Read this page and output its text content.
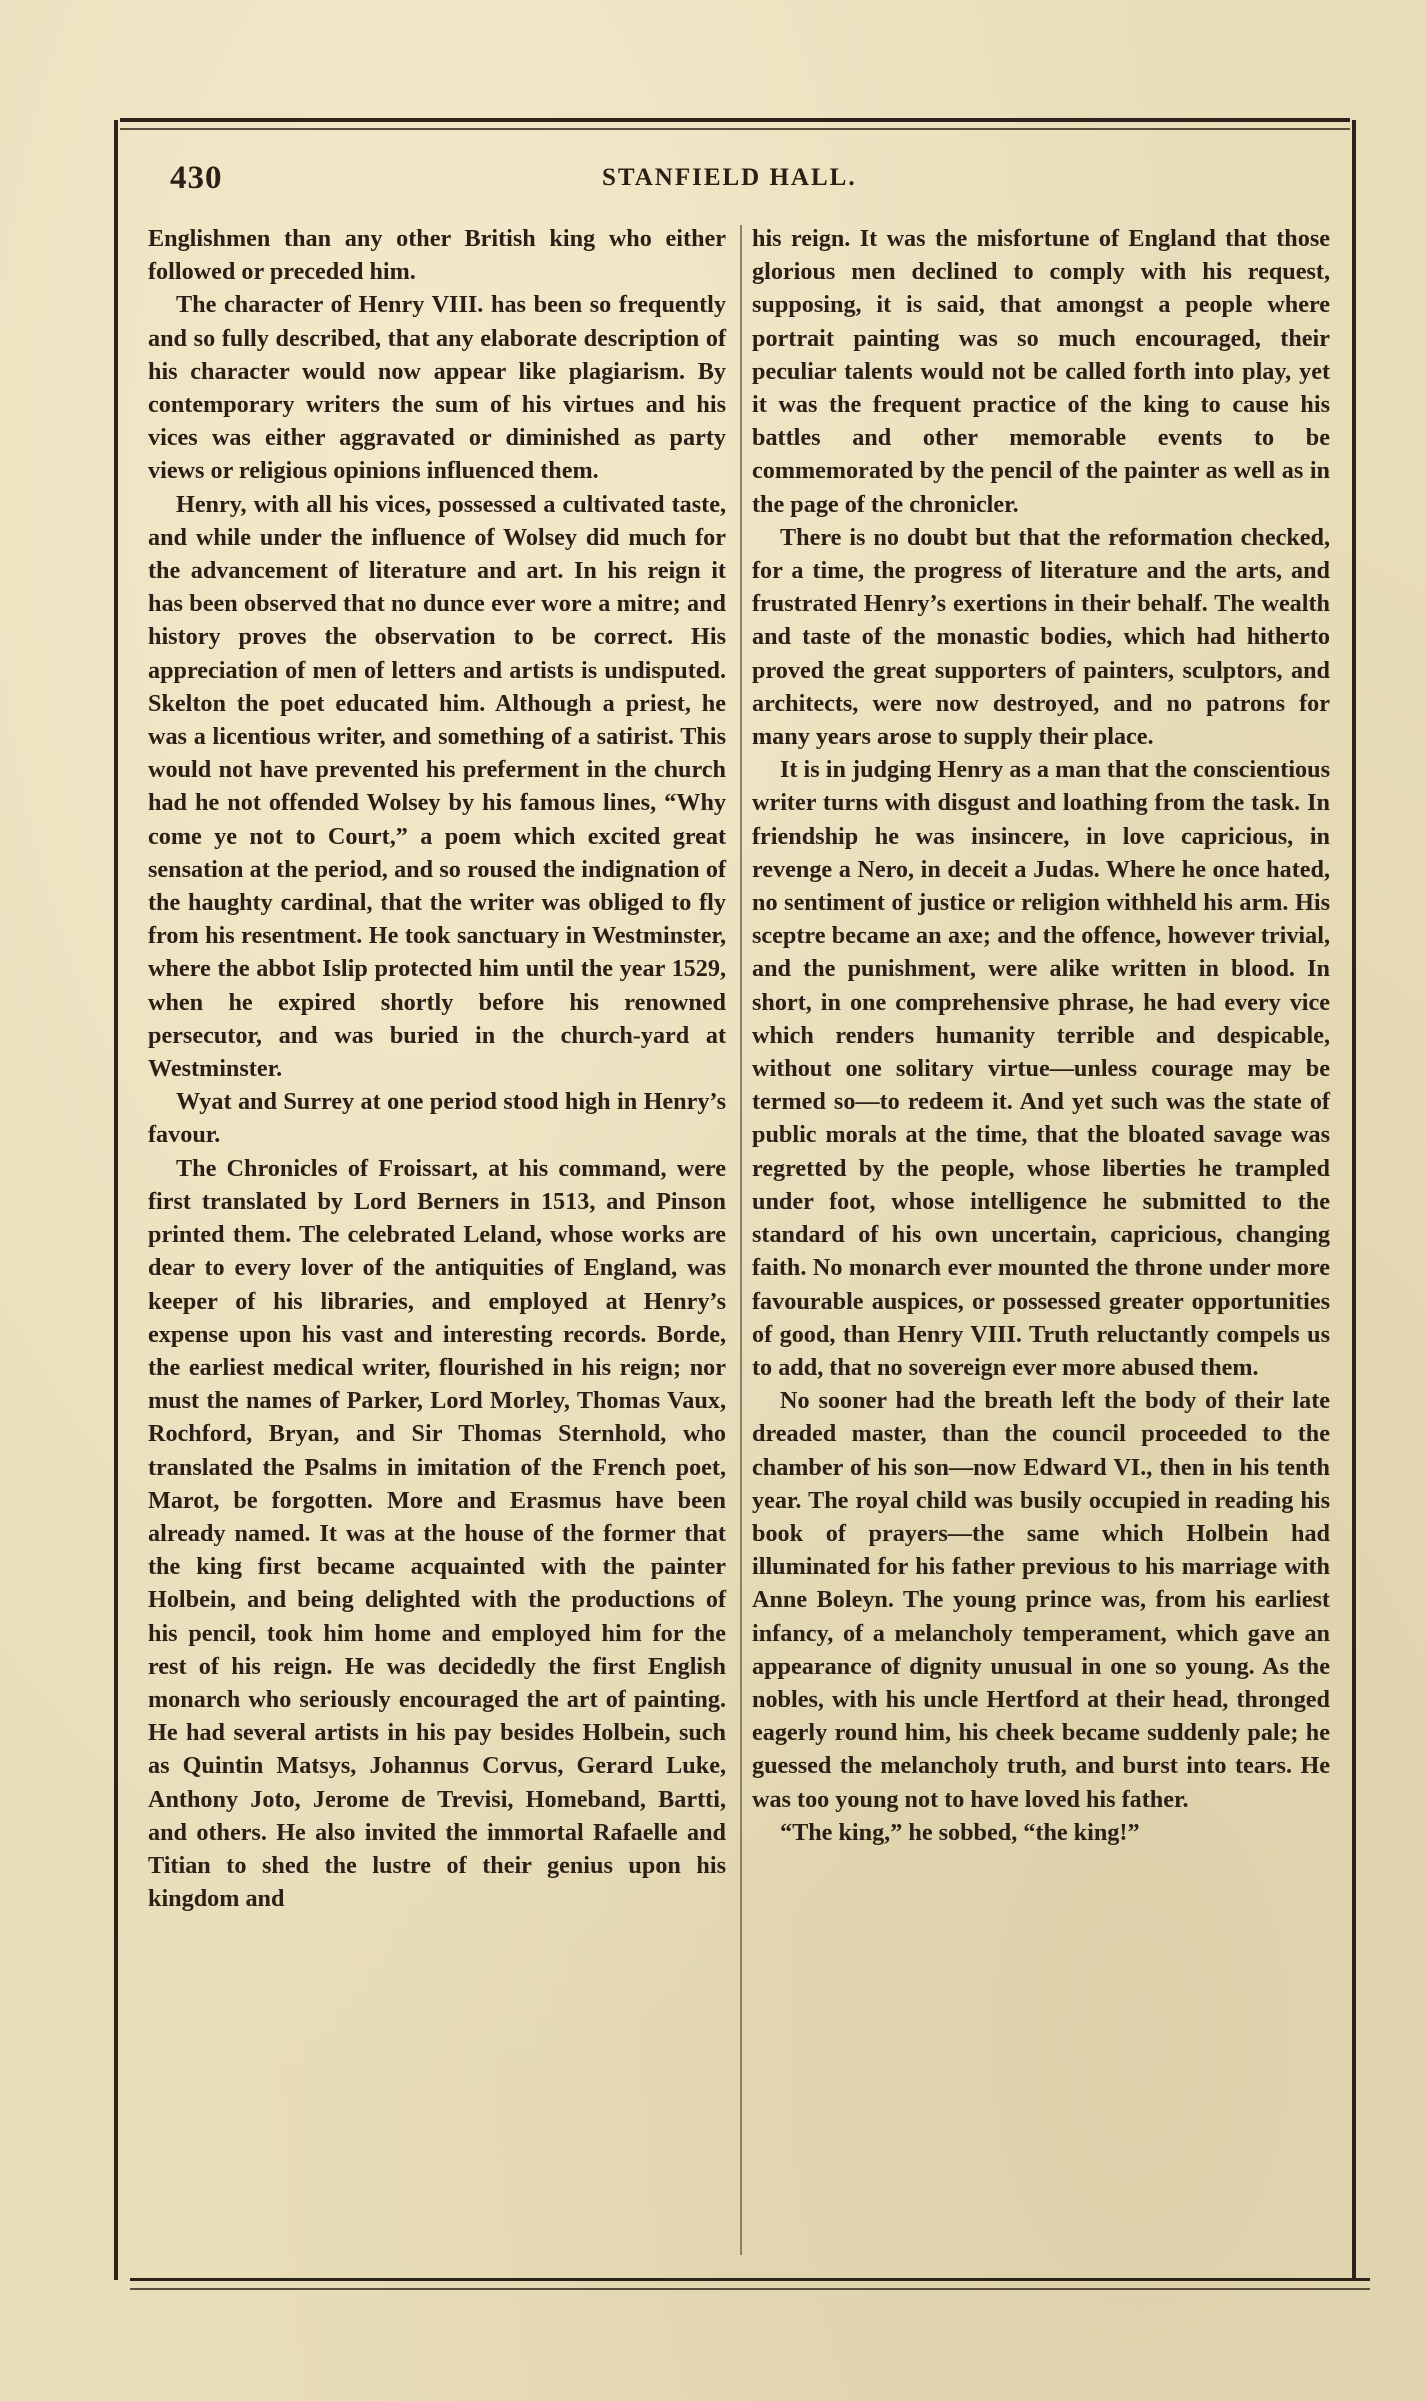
430	STANFIELD HALL.

Englishmen than any other British king who either followed or preceded him.

The character of Henry VIII. has been so frequently and so fully described, that any elaborate description of his character would now appear like plagiarism. By contemporary writers the sum of his virtues and his vices was either aggravated or diminished as party views or religious opinions influenced them.

Henry, with all his vices, possessed a cultivated taste, and while under the influence of Wolsey did much for the advancement of literature and art. In his reign it has been observed that no dunce ever wore a mitre; and history proves the observation to be correct. His appreciation of men of letters and artists is undisputed. Skelton the poet educated him. Although a priest, he was a licentious writer, and something of a satirist. This would not have prevented his preferment in the church had he not offended Wolsey by his famous lines, “Why come ye not to Court,” a poem which excited great sensation at the period, and so roused the indignation of the haughty cardinal, that the writer was obliged to fly from his resentment. He took sanctuary in Westminster, where the abbot Islip protected him until the year 1529, when he expired shortly before his renowned persecutor, and was buried in the church-yard at Westminster.

Wyat and Surrey at one period stood high in Henry’s favour.

The Chronicles of Froissart, at his command, were first translated by Lord Berners in 1513, and Pinson printed them. The celebrated Leland, whose works are dear to every lover of the antiquities of England, was keeper of his libraries, and employed at Henry’s expense upon his vast and interesting records. Borde, the earliest medical writer, flourished in his reign; nor must the names of Parker, Lord Morley, Thomas Vaux, Rochford, Bryan, and Sir Thomas Sternhold, who translated the Psalms in imitation of the French poet, Marot, be forgotten. More and Erasmus have been already named. It was at the house of the former that the king first became acquainted with the painter Holbein, and being delighted with the productions of his pencil, took him home and employed him for the rest of his reign. He was decidedly the first English monarch who seriously encouraged the art of painting. He had several artists in his pay besides Holbein, such as Quintin Matsys, Johannus Corvus, Gerard Luke, Anthony Joto, Jerome de Trevisi, Homeband, Bartti, and others. He also invited the immortal Rafaelle and Titian to shed the lustre of their genius upon his kingdom and

his reign. It was the misfortune of England that those glorious men declined to comply with his request, supposing, it is said, that amongst a people where portrait painting was so much encouraged, their peculiar talents would not be called forth into play, yet it was the frequent practice of the king to cause his battles and other memorable events to be commemorated by the pencil of the painter as well as in the page of the chronicler.

There is no doubt but that the reformation checked, for a time, the progress of literature and the arts, and frustrated Henry’s exertions in their behalf. The wealth and taste of the monastic bodies, which had hitherto proved the great supporters of painters, sculptors, and architects, were now destroyed, and no patrons for many years arose to supply their place.

It is in judging Henry as a man that the conscientious writer turns with disgust and loathing from the task. In friendship he was insincere, in love capricious, in revenge a Nero, in deceit a Judas. Where he once hated, no sentiment of justice or religion withheld his arm. His sceptre became an axe; and the offence, however trivial, and the punishment, were alike written in blood. In short, in one comprehensive phrase, he had every vice which renders humanity terrible and despicable, without one solitary virtue—unless courage may be termed so—to redeem it. And yet such was the state of public morals at the time, that the bloated savage was regretted by the people, whose liberties he trampled under foot, whose intelligence he submitted to the standard of his own uncertain, capricious, changing faith. No monarch ever mounted the throne under more favourable auspices, or possessed greater opportunities of good, than Henry VIII. Truth reluctantly compels us to add, that no sovereign ever more abused them.

No sooner had the breath left the body of their late dreaded master, than the council proceeded to the chamber of his son—now Edward VI., then in his tenth year. The royal child was busily occupied in reading his book of prayers—the same which Holbein had illuminated for his father previous to his marriage with Anne Boleyn. The young prince was, from his earliest infancy, of a melancholy temperament, which gave an appearance of dignity unusual in one so young. As the nobles, with his uncle Hertford at their head, thronged eagerly round him, his cheek became suddenly pale; he guessed the melancholy truth, and burst into tears. He was too young not to have loved his father.

“The king,” he sobbed, “the king!”
